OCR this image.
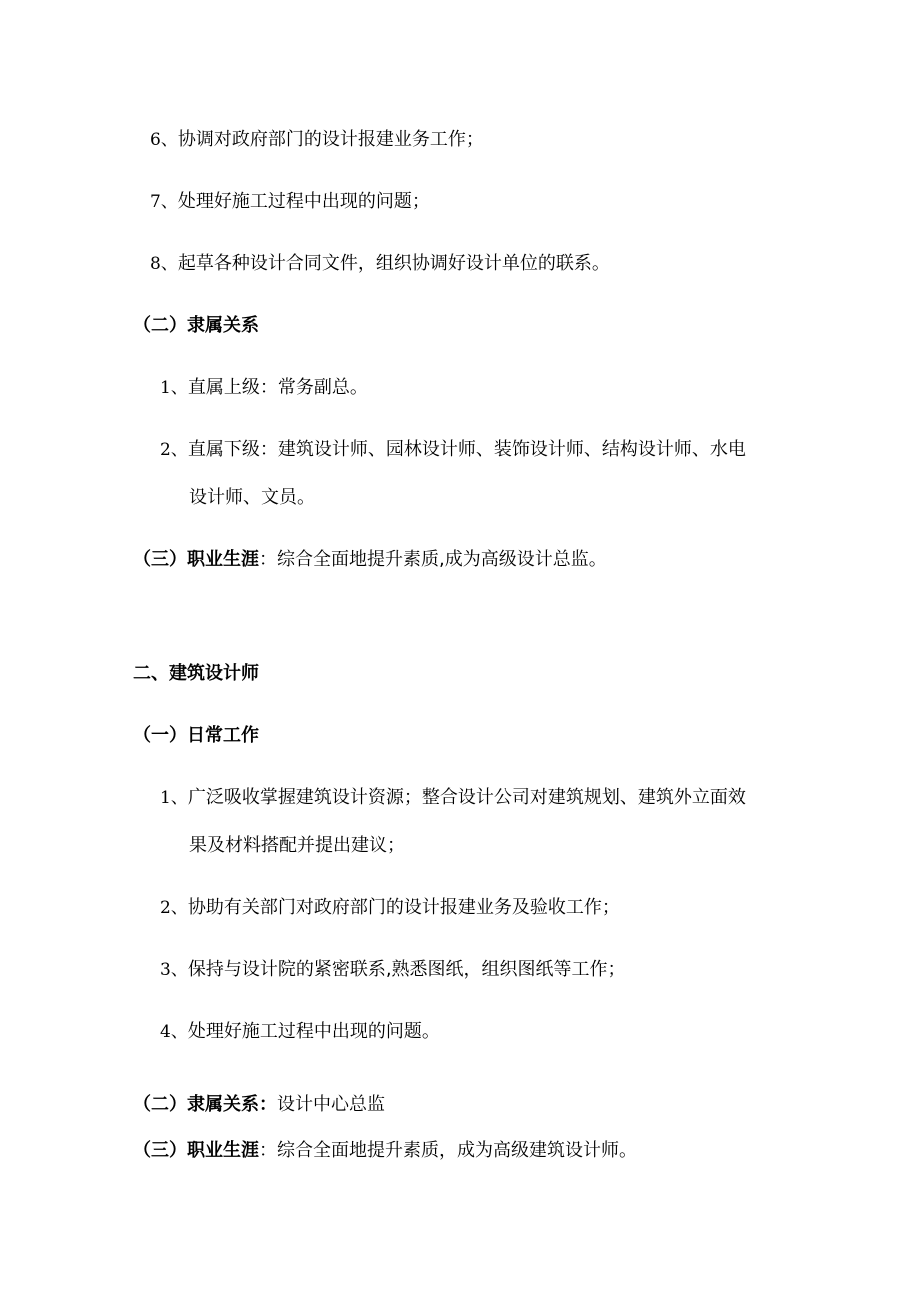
6、协调对政府部门的设计报建业务工作；
7、处理好施工过程中出现的问题；
8、起草各种设计合同文件，组织协调好设计单位的联系。
（二）隶属关系
1、直属上级：常务副总。
2、直属下级：建筑设计师、园林设计师、装饰设计师、结构设计师、水电
设计师、文员。
（三）职业生涯：综合全面地提升素质,成为高级设计总监。
二、建筑设计师
（一）日常工作
1、广泛吸收掌握建筑设计资源；整合设计公司对建筑规划、建筑外立面效
果及材料搭配并提出建议；
2、协助有关部门对政府部门的设计报建业务及验收工作；
3、保持与设计院的紧密联系,熟悉图纸，组织图纸等工作；
4、处理好施工过程中出现的问题。
（二）隶属关系：设计中心总监
（三）职业生涯：综合全面地提升素质，成为高级建筑设计师。
